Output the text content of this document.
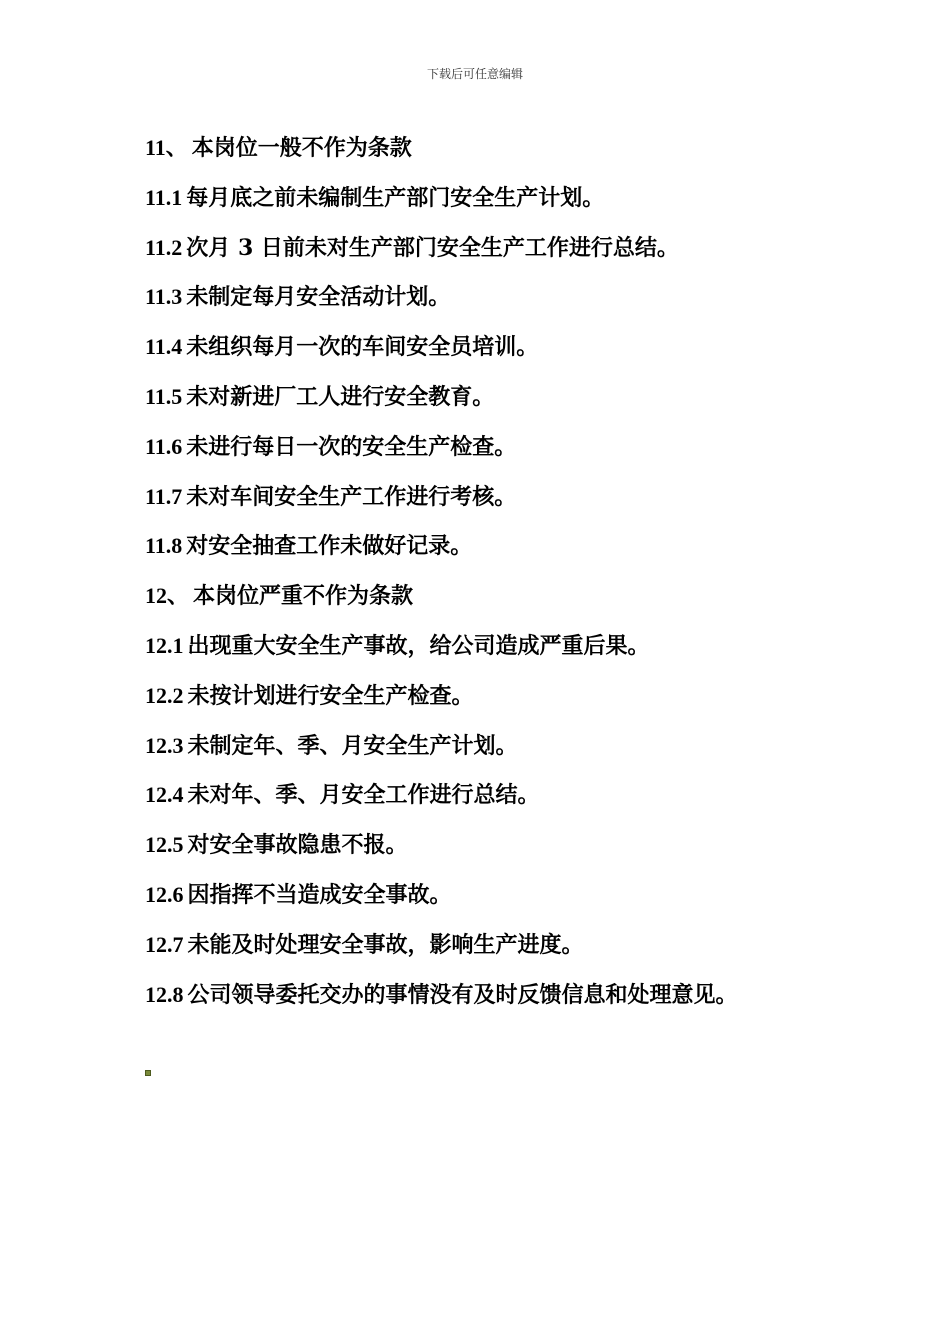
下载后可任意编辑
11、 本岗位一般不作为条款
11.1 每月底之前未编制生产部门安全生产计划。
11.2 次月 3 日前未对生产部门安全生产工作进行总结。
11.3 未制定每月安全活动计划。
11.4 未组织每月一次的车间安全员培训。
11.5 未对新进厂工人进行安全教育。
11.6 未进行每日一次的安全生产检查。
11.7 未对车间安全生产工作进行考核。
11.8 对安全抽查工作未做好记录。
12、 本岗位严重不作为条款
12.1 出现重大安全生产事故，给公司造成严重后果。
12.2 未按计划进行安全生产检查。
12.3 未制定年、季、月安全生产计划。
12.4 未对年、季、月安全工作进行总结。
12.5 对安全事故隐患不报。
12.6 因指挥不当造成安全事故。
12.7 未能及时处理安全事故，影响生产进度。
12.8 公司领导委托交办的事情没有及时反馈信息和处理意见。
